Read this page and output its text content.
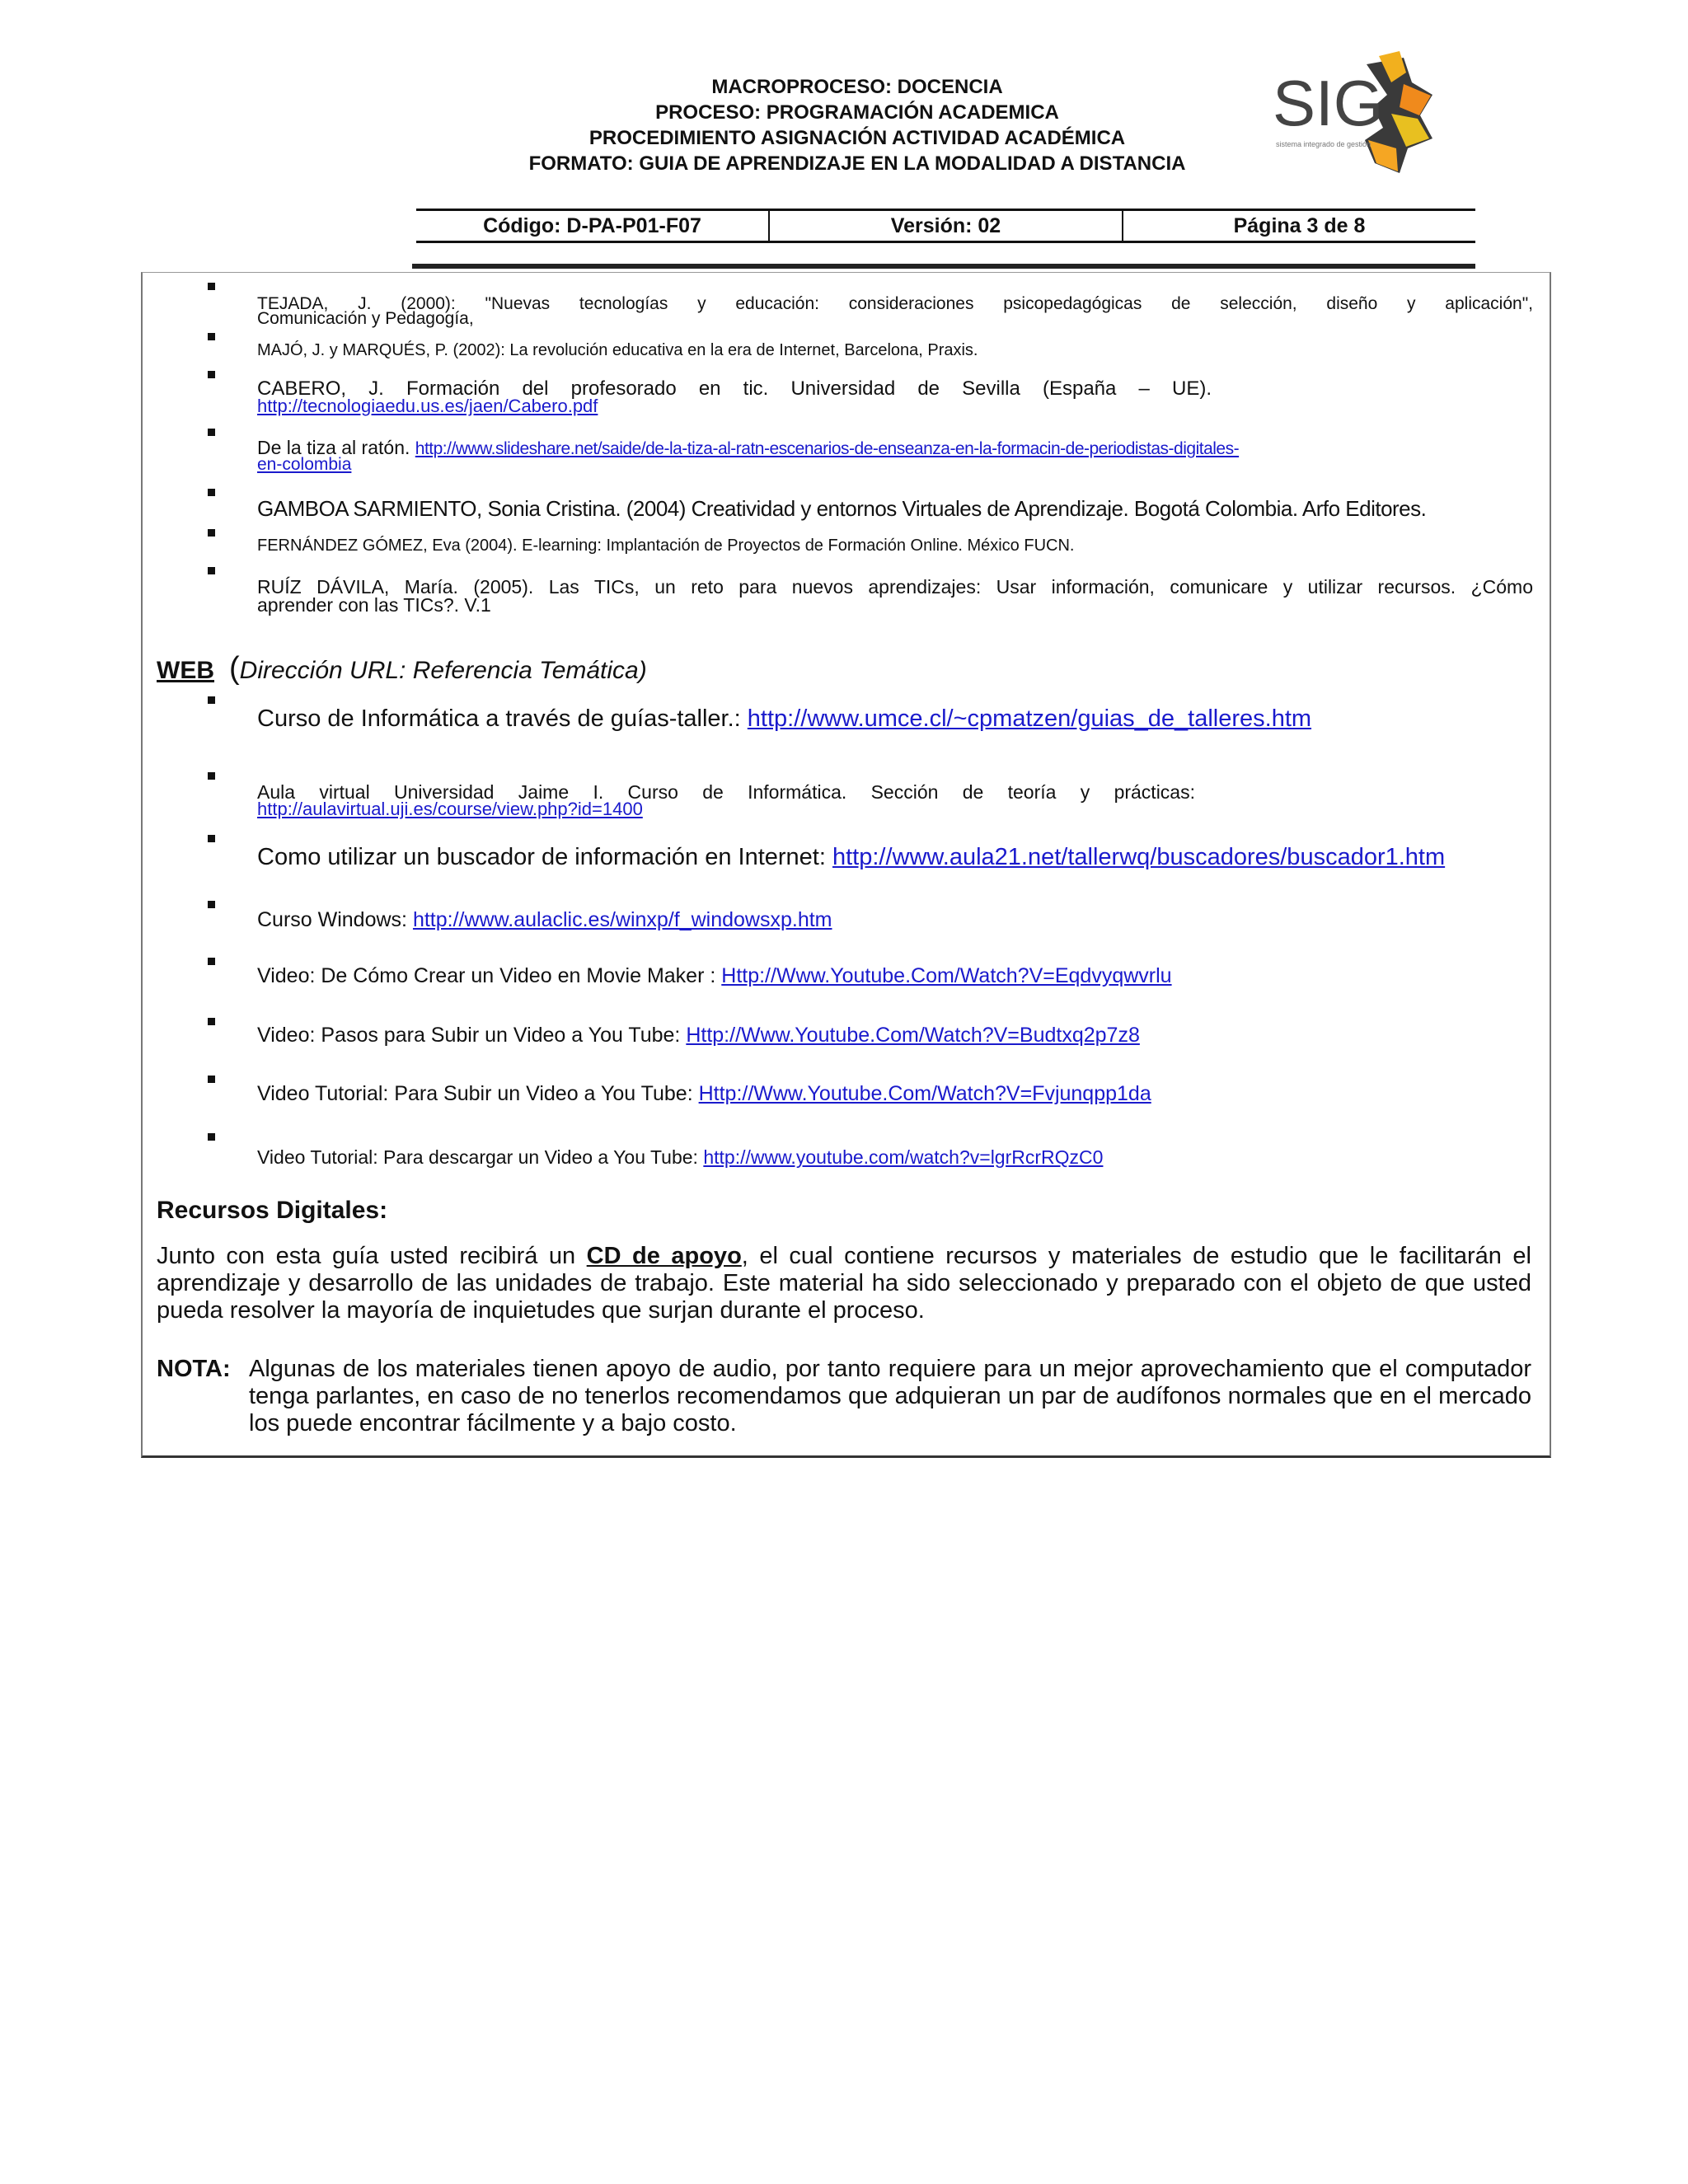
MACROPROCESO: DOCENCIA
PROCESO: PROGRAMACIÓN ACADEMICA
PROCEDIMIENTO ASIGNACIÓN ACTIVIDAD ACADÉMICA
FORMATO: GUIA DE APRENDIZAJE EN LA MODALIDAD A DISTANCIA
SIG
sistema integrado de gestión
Código: D-PA-P01-F07	Versión: 02	Página 3 de 8
TEJADA, J. (2000): "Nuevas tecnologías y educación: consideraciones psicopedagógicas de selección, diseño y aplicación",
Comunicación y Pedagogía,
MAJÓ, J. y MARQUÉS, P. (2002): La revolución educativa en la era de Internet, Barcelona, Praxis.
CABERO, J. Formación del profesorado en tic. Universidad de Sevilla (España – UE).
http://tecnologiaedu.us.es/jaen/Cabero.pdf
De la tiza al ratón. http://www.slideshare.net/saide/de-la-tiza-al-ratn-escenarios-de-enseanza-en-la-formacin-de-periodistas-digitales-
en-colombia
GAMBOA SARMIENTO, Sonia Cristina. (2004) Creatividad y entornos Virtuales de Aprendizaje. Bogotá Colombia. Arfo Editores.
FERNÁNDEZ GÓMEZ, Eva (2004). E-learning: Implantación de Proyectos de Formación Online. México FUCN.
RUÍZ DÁVILA, María. (2005). Las TICs, un reto para nuevos aprendizajes: Usar información, comunicare y utilizar recursos. ¿Cómo
aprender con las TICs?. V.1
WEB (Dirección URL: Referencia Temática)
Curso de Informática a través de guías-taller.: http://www.umce.cl/~cpmatzen/guias_de_talleres.htm
Aula virtual Universidad Jaime I. Curso de Informática. Sección de teoría y prácticas:
http://aulavirtual.uji.es/course/view.php?id=1400
Como utilizar un buscador de información en Internet: http://www.aula21.net/tallerwq/buscadores/buscador1.htm
Curso Windows: http://www.aulaclic.es/winxp/f_windowsxp.htm
Video: De Cómo Crear un Video en Movie Maker : Http://Www.Youtube.Com/Watch?V=Eqdvyqwvrlu
Video: Pasos para Subir un Video a You Tube: Http://Www.Youtube.Com/Watch?V=Budtxq2p7z8
Video Tutorial: Para Subir un Video a You Tube: Http://Www.Youtube.Com/Watch?V=Fvjunqpp1da
Video Tutorial: Para descargar un Video a You Tube: http://www.youtube.com/watch?v=lgrRcrRQzC0
Recursos Digitales:
Junto con esta guía usted recibirá un CD de apoyo, el cual contiene recursos y materiales de estudio que le facilitarán el aprendizaje y desarrollo de las unidades de trabajo. Este material ha sido seleccionado y preparado con el objeto de que usted pueda resolver la mayoría de inquietudes que surjan durante el proceso.
NOTA: Algunas de los materiales tienen apoyo de audio, por tanto requiere para un mejor aprovechamiento que el computador tenga parlantes, en caso de no tenerlos recomendamos que adquieran un par de audífonos normales que en el mercado los puede encontrar fácilmente y a bajo costo.
